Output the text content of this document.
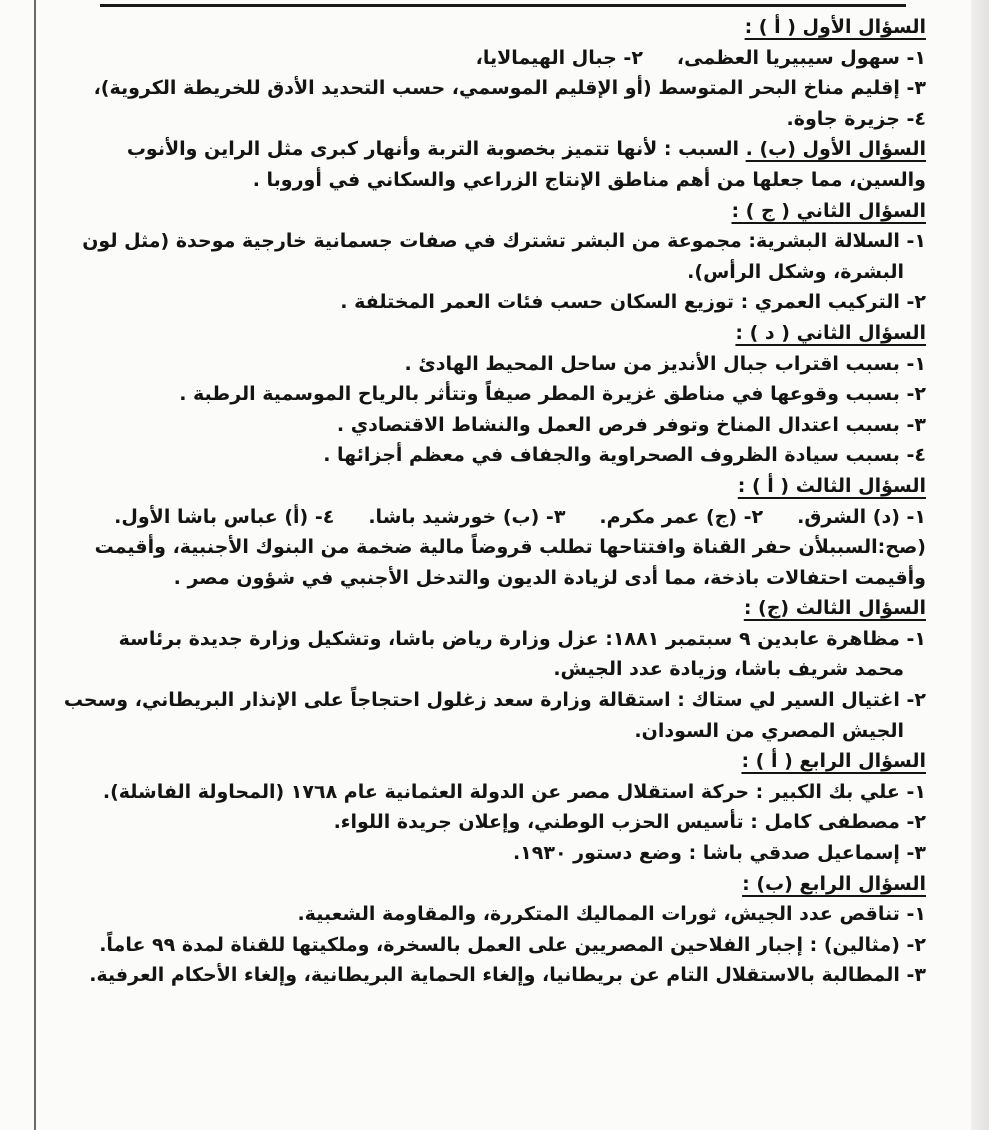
السؤال الأول ( أ ) :
١- سهول سيبيريا العظمى،٢- جبال الهيمالايا،
٣- إقليم مناخ البحر المتوسط (أو الإقليم الموسمي، حسب التحديد الأدق للخريطة الكروية)،
٤- جزيرة جاوة.
السؤال الأول (ب) . السبب : لأنها تتميز بخصوبة التربة وأنهار كبرى مثل الراين والأنوب والسين، مما جعلها من أهم مناطق الإنتاج الزراعي والسكاني في أوروبا .
السؤال الثاني ( ج ) :
١- السلالة البشرية: مجموعة من البشر تشترك في صفات جسمانية خارجية موحدة (مثل لون
البشرة، وشكل الرأس).
٢- التركيب العمري : توزيع السكان حسب فئات العمر المختلفة .
السؤال الثاني ( د ) :
١- بسبب اقتراب جبال الأنديز من ساحل المحيط الهادئ .
٢- بسبب وقوعها في مناطق غزيرة المطر صيفاً وتتأثر بالرياح الموسمية الرطبة .
٣- بسبب اعتدال المناخ وتوفر فرص العمل والنشاط الاقتصادي .
٤- بسبب سيادة الظروف الصحراوية والجفاف في معظم أجزائها .
السؤال الثالث ( أ ) :
١- (د) الشرق.٢- (ج) عمر مكرم.٣- (ب) خورشيد باشا.٤- (أ) عباس باشا الأول.
(صح:السببلأن حفر القناة وافتتاحها تطلب قروضاً مالية ضخمة من البنوك الأجنبية، وأقيمت وأقيمت احتفالات باذخة، مما أدى لزيادة الديون والتدخل الأجنبي في شؤون مصر .
السؤال الثالث (ج) :
١- مظاهرة عابدين ٩ سبتمبر ١٨٨١: عزل وزارة رياض باشا، وتشكيل وزارة جديدة برئاسة
محمد شريف باشا، وزيادة عدد الجيش.
٢- اغتيال السير لي ستاك : استقالة وزارة سعد زغلول احتجاجاً على الإنذار البريطاني، وسحب
الجيش المصري من السودان.
السؤال الرابع ( أ ) :
١- علي بك الكبير : حركة استقلال مصر عن الدولة العثمانية عام ١٧٦٨ (المحاولة الفاشلة).
٢- مصطفى كامل : تأسيس الحزب الوطني، وإعلان جريدة اللواء.
٣- إسماعيل صدقي باشا : وضع دستور ١٩٣٠.
السؤال الرابع (ب) :
١- تناقص عدد الجيش، ثورات المماليك المتكررة، والمقاومة الشعبية.
٢- (مثالين) : إجبار الفلاحين المصريين على العمل بالسخرة، وملكيتها للقناة لمدة ٩٩ عاماً.
٣- المطالبة بالاستقلال التام عن بريطانيا، وإلغاء الحماية البريطانية، وإلغاء الأحكام العرفية.
